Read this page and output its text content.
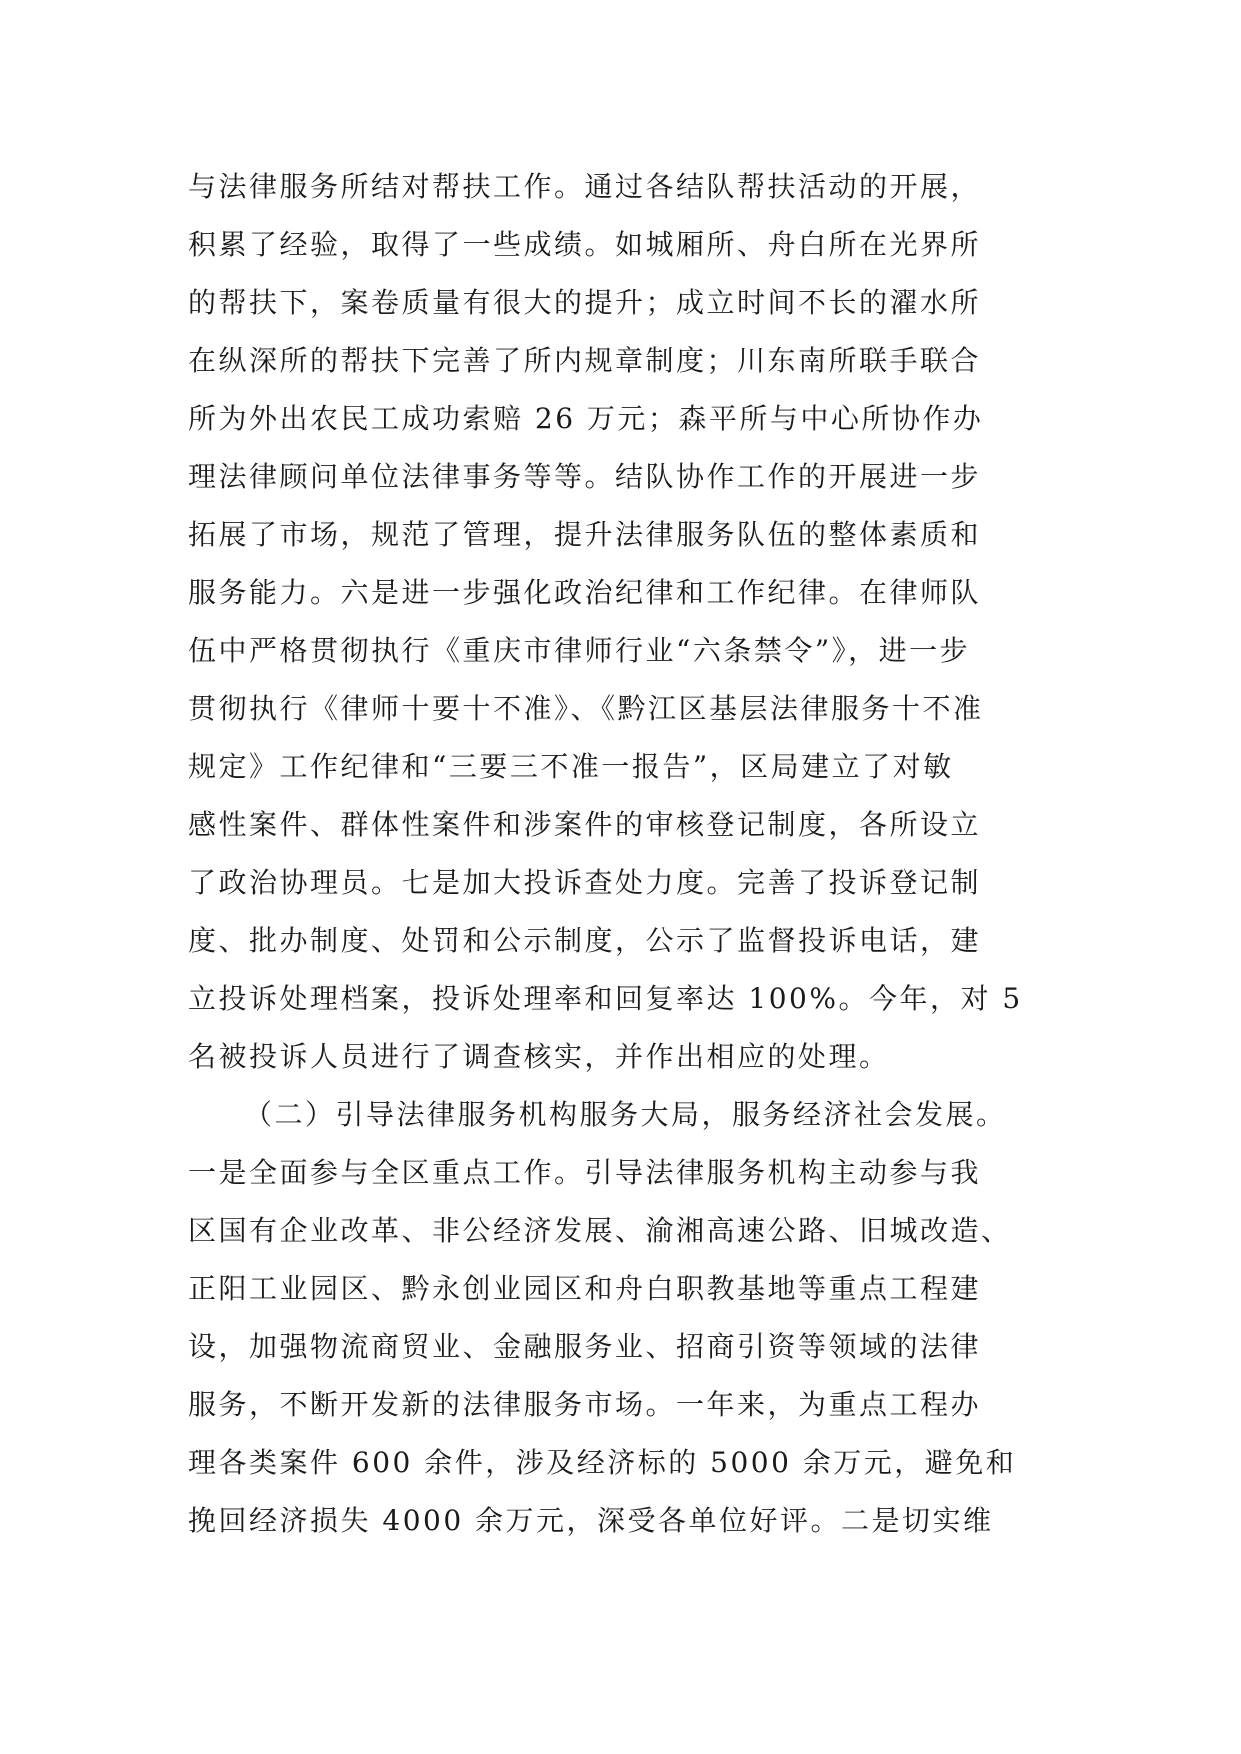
与法律服务所结对帮扶工作。通过各结队帮扶活动的开展，
积累了经验，取得了一些成绩。如城厢所、舟白所在光界所
的帮扶下，案卷质量有很大的提升；成立时间不长的濯水所
在纵深所的帮扶下完善了所内规章制度；川东南所联手联合
所为外出农民工成功索赔 26 万元；森平所与中心所协作办
理法律顾问单位法律事务等等。结队协作工作的开展进一步
拓展了市场，规范了管理，提升法律服务队伍的整体素质和
服务能力。六是进一步强化政治纪律和工作纪律。在律师队
伍中严格贯彻执行《重庆市律师行业“六条禁令”》，进一步
贯彻执行《律师十要十不准》、《黔江区基层法律服务十不准
规定》工作纪律和“三要三不准一报告”，区局建立了对敏
感性案件、群体性案件和涉案件的审核登记制度，各所设立
了政治协理员。七是加大投诉查处力度。完善了投诉登记制
度、批办制度、处罚和公示制度，公示了监督投诉电话，建
立投诉处理档案，投诉处理率和回复率达 100%。今年，对 5
名被投诉人员进行了调查核实，并作出相应的处理。
（二）引导法律服务机构服务大局，服务经济社会发展。
一是全面参与全区重点工作。引导法律服务机构主动参与我
区国有企业改革、非公经济发展、渝湘高速公路、旧城改造、
正阳工业园区、黔永创业园区和舟白职教基地等重点工程建
设，加强物流商贸业、金融服务业、招商引资等领域的法律
服务，不断开发新的法律服务市场。一年来，为重点工程办
理各类案件 600 余件，涉及经济标的 5000 余万元，避免和
挽回经济损失 4000 余万元，深受各单位好评。二是切实维
